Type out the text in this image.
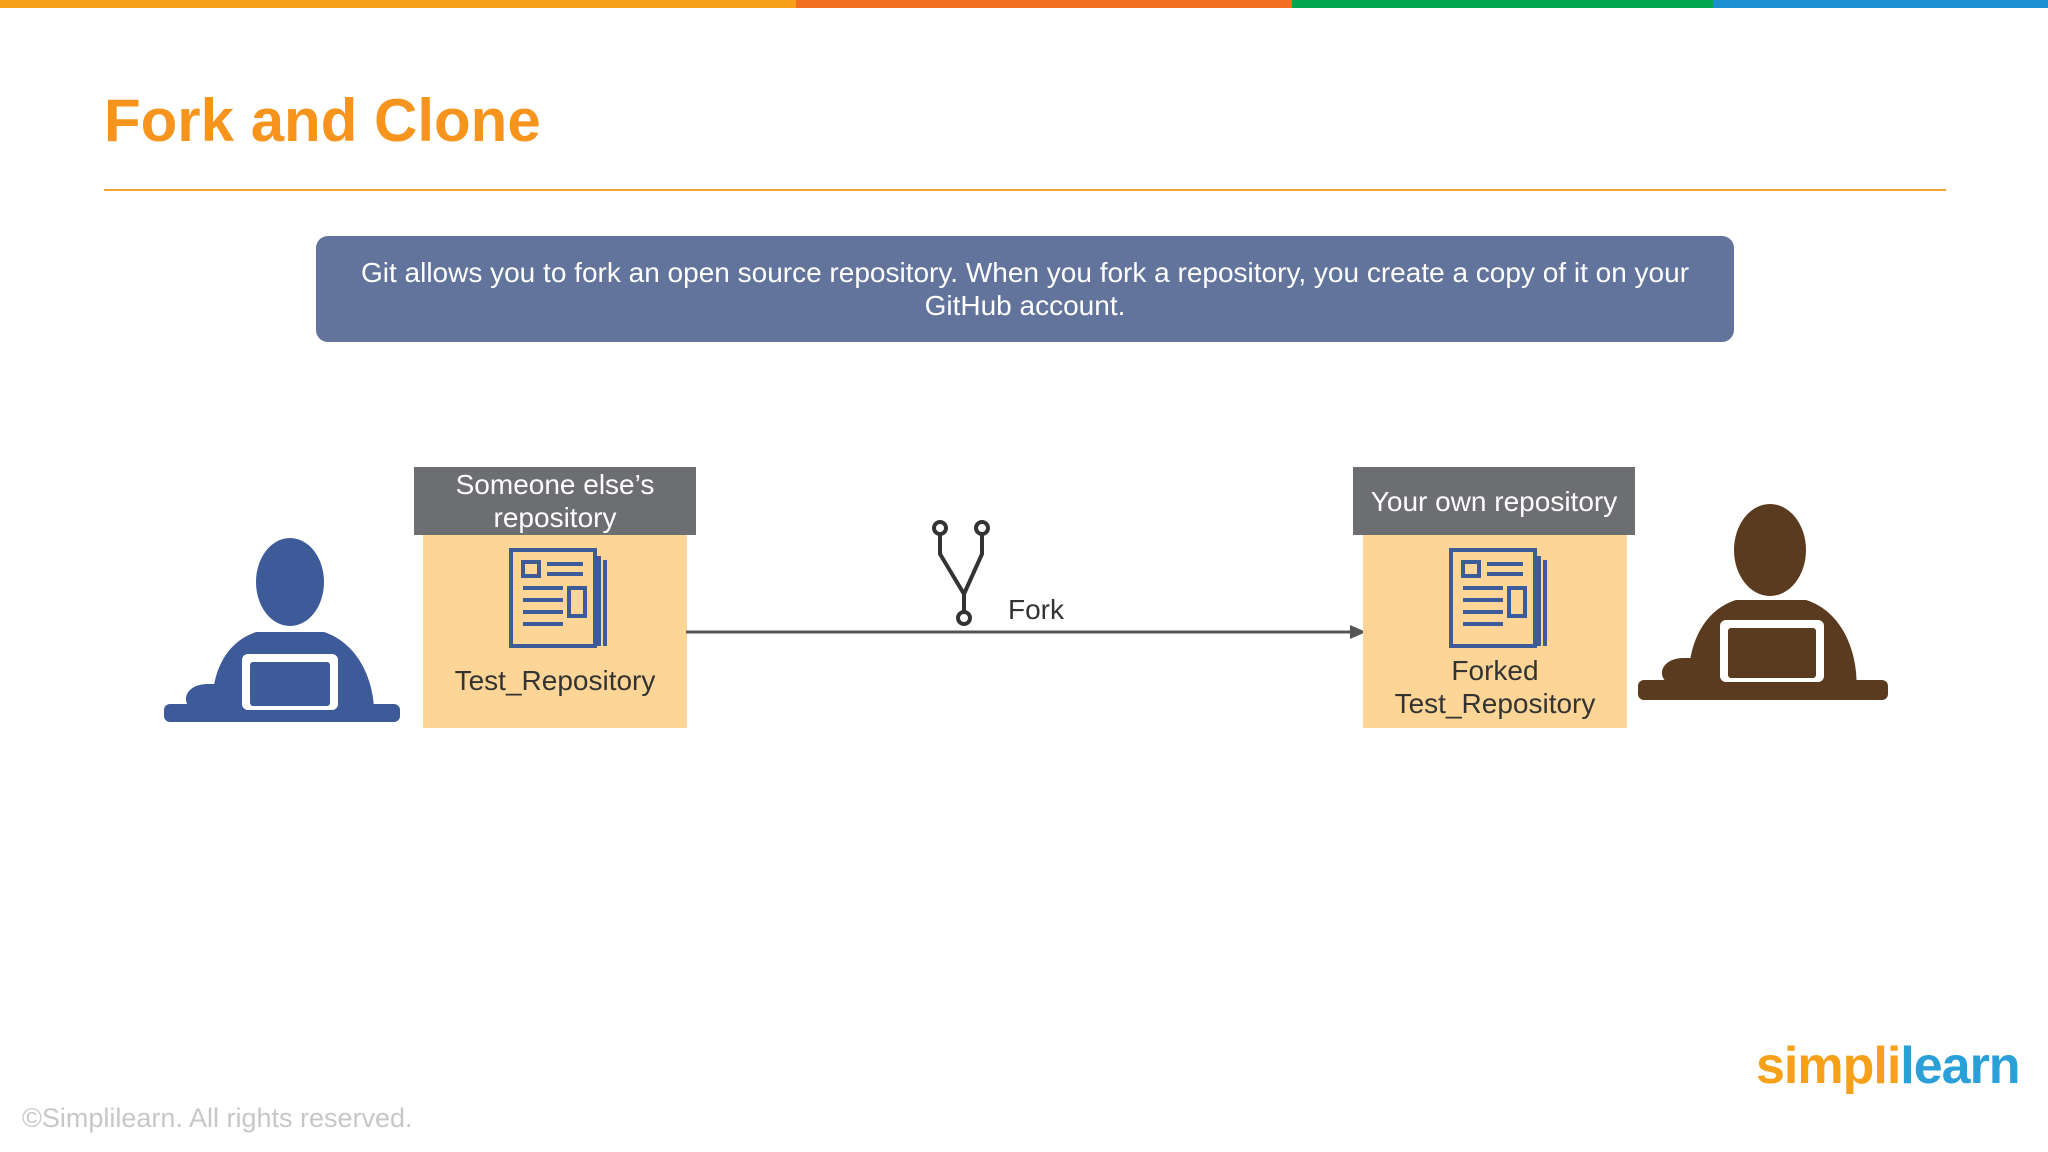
Fork and Clone
Git allows you to fork an open source repository. When you fork a repository, you create a copy of it on your GitHub account.
Test_Repository
Someone else’s repository
Fork
Forked
Test_Repository
Your own repository
©Simplilearn. All rights reserved.
simplilearn
